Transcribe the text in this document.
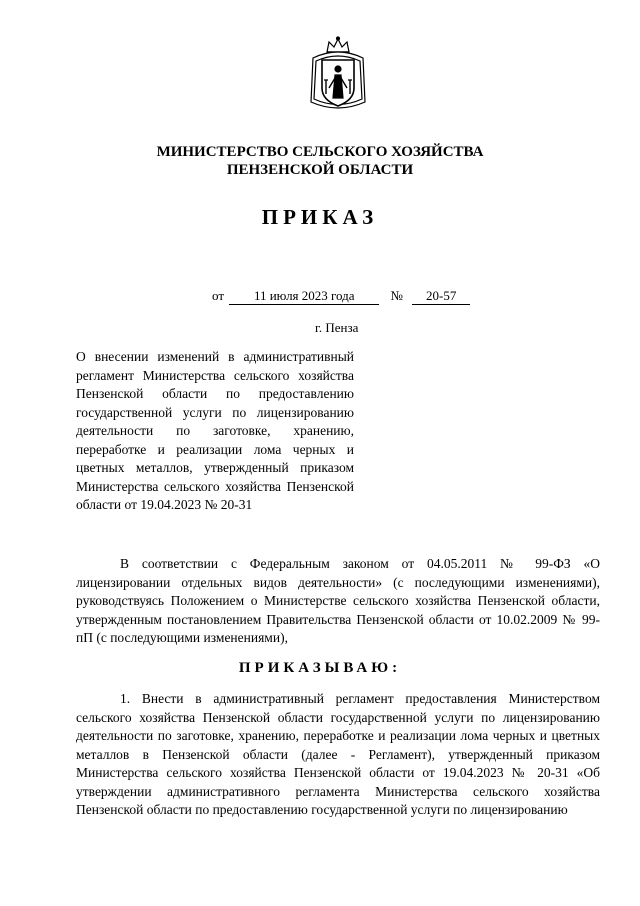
МИНИСТЕРСТВО СЕЛЬСКОГО ХОЗЯЙСТВА
ПЕНЗЕНСКОЙ ОБЛАСТИ
ПРИКАЗ
от 11 июля 2023 года	№ 20-57
г. Пенза
О внесении изменений в административный регламент Министерства сельского хозяйства Пензенской области по предоставлению государственной услуги по лицензированию деятельности по заготовке, хранению, переработке и реализации лома черных и цветных металлов, утвержденный приказом Министерства сельского хозяйства Пензенской области от 19.04.2023 № 20-31
В соответствии с Федеральным законом от 04.05.2011 № 99-ФЗ «О лицензировании отдельных видов деятельности» (с последующими изменениями), руководствуясь Положением о Министерстве сельского хозяйства Пензенской области, утвержденным постановлением Правительства Пензенской области от 10.02.2009 № 99-пП (с последующими изменениями),
ПРИКАЗЫВАЮ:
1. Внести в административный регламент предоставления Министерством сельского хозяйства Пензенской области государственной услуги по лицензированию деятельности по заготовке, хранению, переработке и реализации лома черных и цветных металлов в Пензенской области (далее - Регламент), утвержденный приказом Министерства сельского хозяйства Пензенской области от 19.04.2023 № 20-31 «Об утверждении административного регламента Министерства сельского хозяйства Пензенской области по предоставлению государственной услуги по лицензированию
